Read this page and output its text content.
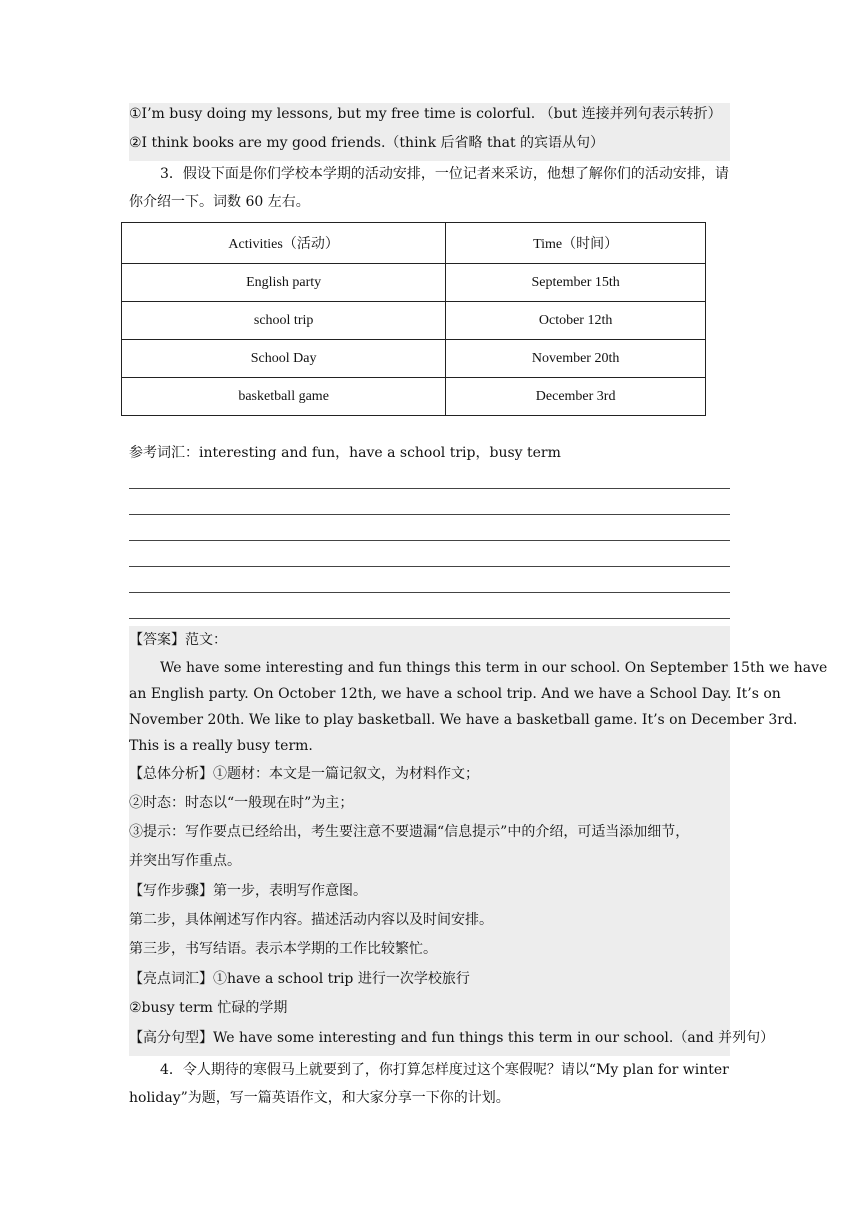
①I’m busy doing my lessons, but my free time is colorful. （but 连接并列句表示转折）
②I think books are my good friends.（think 后省略 that 的宾语从句）
3．假设下面是你们学校本学期的活动安排，一位记者来采访，他想了解你们的活动安排，请你介绍一下。词数 60 左右。
Activities（活动）	Time（时间）
English party	September 15th
school trip	October 12th
School Day	November 20th
basketball game	December 3rd
参考词汇：interesting and fun，have a school trip，busy term
【答案】范文：
We have some interesting and fun things this term in our school. On September 15th we have
an English party. On October 12th, we have a school trip. And we have a School Day. It’s on
November 20th. We like to play basketball. We have a basketball game. It’s on December 3rd.
This is a really busy term.
【总体分析】①题材：本文是一篇记叙文，为材料作文；
②时态：时态以“一般现在时”为主；
③提示：写作要点已经给出，考生要注意不要遗漏“信息提示”中的介绍，可适当添加细节，
并突出写作重点。
【写作步骤】第一步，表明写作意图。
第二步，具体阐述写作内容。描述活动内容以及时间安排。
第三步，书写结语。表示本学期的工作比较繁忙。
【亮点词汇】①have a school trip 进行一次学校旅行
②busy term 忙碌的学期
【高分句型】We have some interesting and fun things this term in our school.（and 并列句）
4．令人期待的寒假马上就要到了，你打算怎样度过这个寒假呢？请以“My plan for winter holiday”为题，写一篇英语作文，和大家分享一下你的计划。
